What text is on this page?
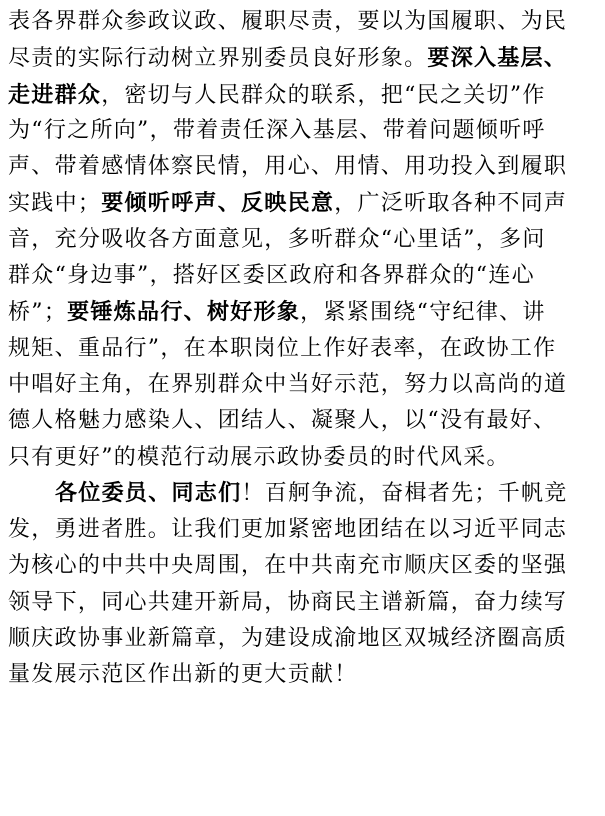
表各界群众参政议政、履职尽责，要以为国履职、为民
尽责的实际行动树立界别委员良好形象。要深入基层、
走进群众，密切与人民群众的联系，把“民之关切”作
为“行之所向”，带着责任深入基层、带着问题倾听呼
声、带着感情体察民情，用心、用情、用功投入到履职
实践中；要倾听呼声、反映民意，广泛听取各种不同声
音，充分吸收各方面意见，多听群众“心里话”，多问
群众“身边事”，搭好区委区政府和各界群众的“连心
桥”；要锤炼品行、树好形象，紧紧围绕“守纪律、讲
规矩、重品行”，在本职岗位上作好表率，在政协工作
中唱好主角，在界别群众中当好示范，努力以高尚的道
德人格魅力感染人、团结人、凝聚人，以“没有最好、
只有更好”的模范行动展示政协委员的时代风采。
各位委员、同志们！百舸争流，奋楫者先；千帆竞
发，勇进者胜。让我们更加紧密地团结在以习近平同志
为核心的中共中央周围，在中共南充市顺庆区委的坚强
领导下，同心共建开新局，协商民主谱新篇，奋力续写
顺庆政协事业新篇章，为建设成渝地区双城经济圈高质
量发展示范区作出新的更大贡献！
